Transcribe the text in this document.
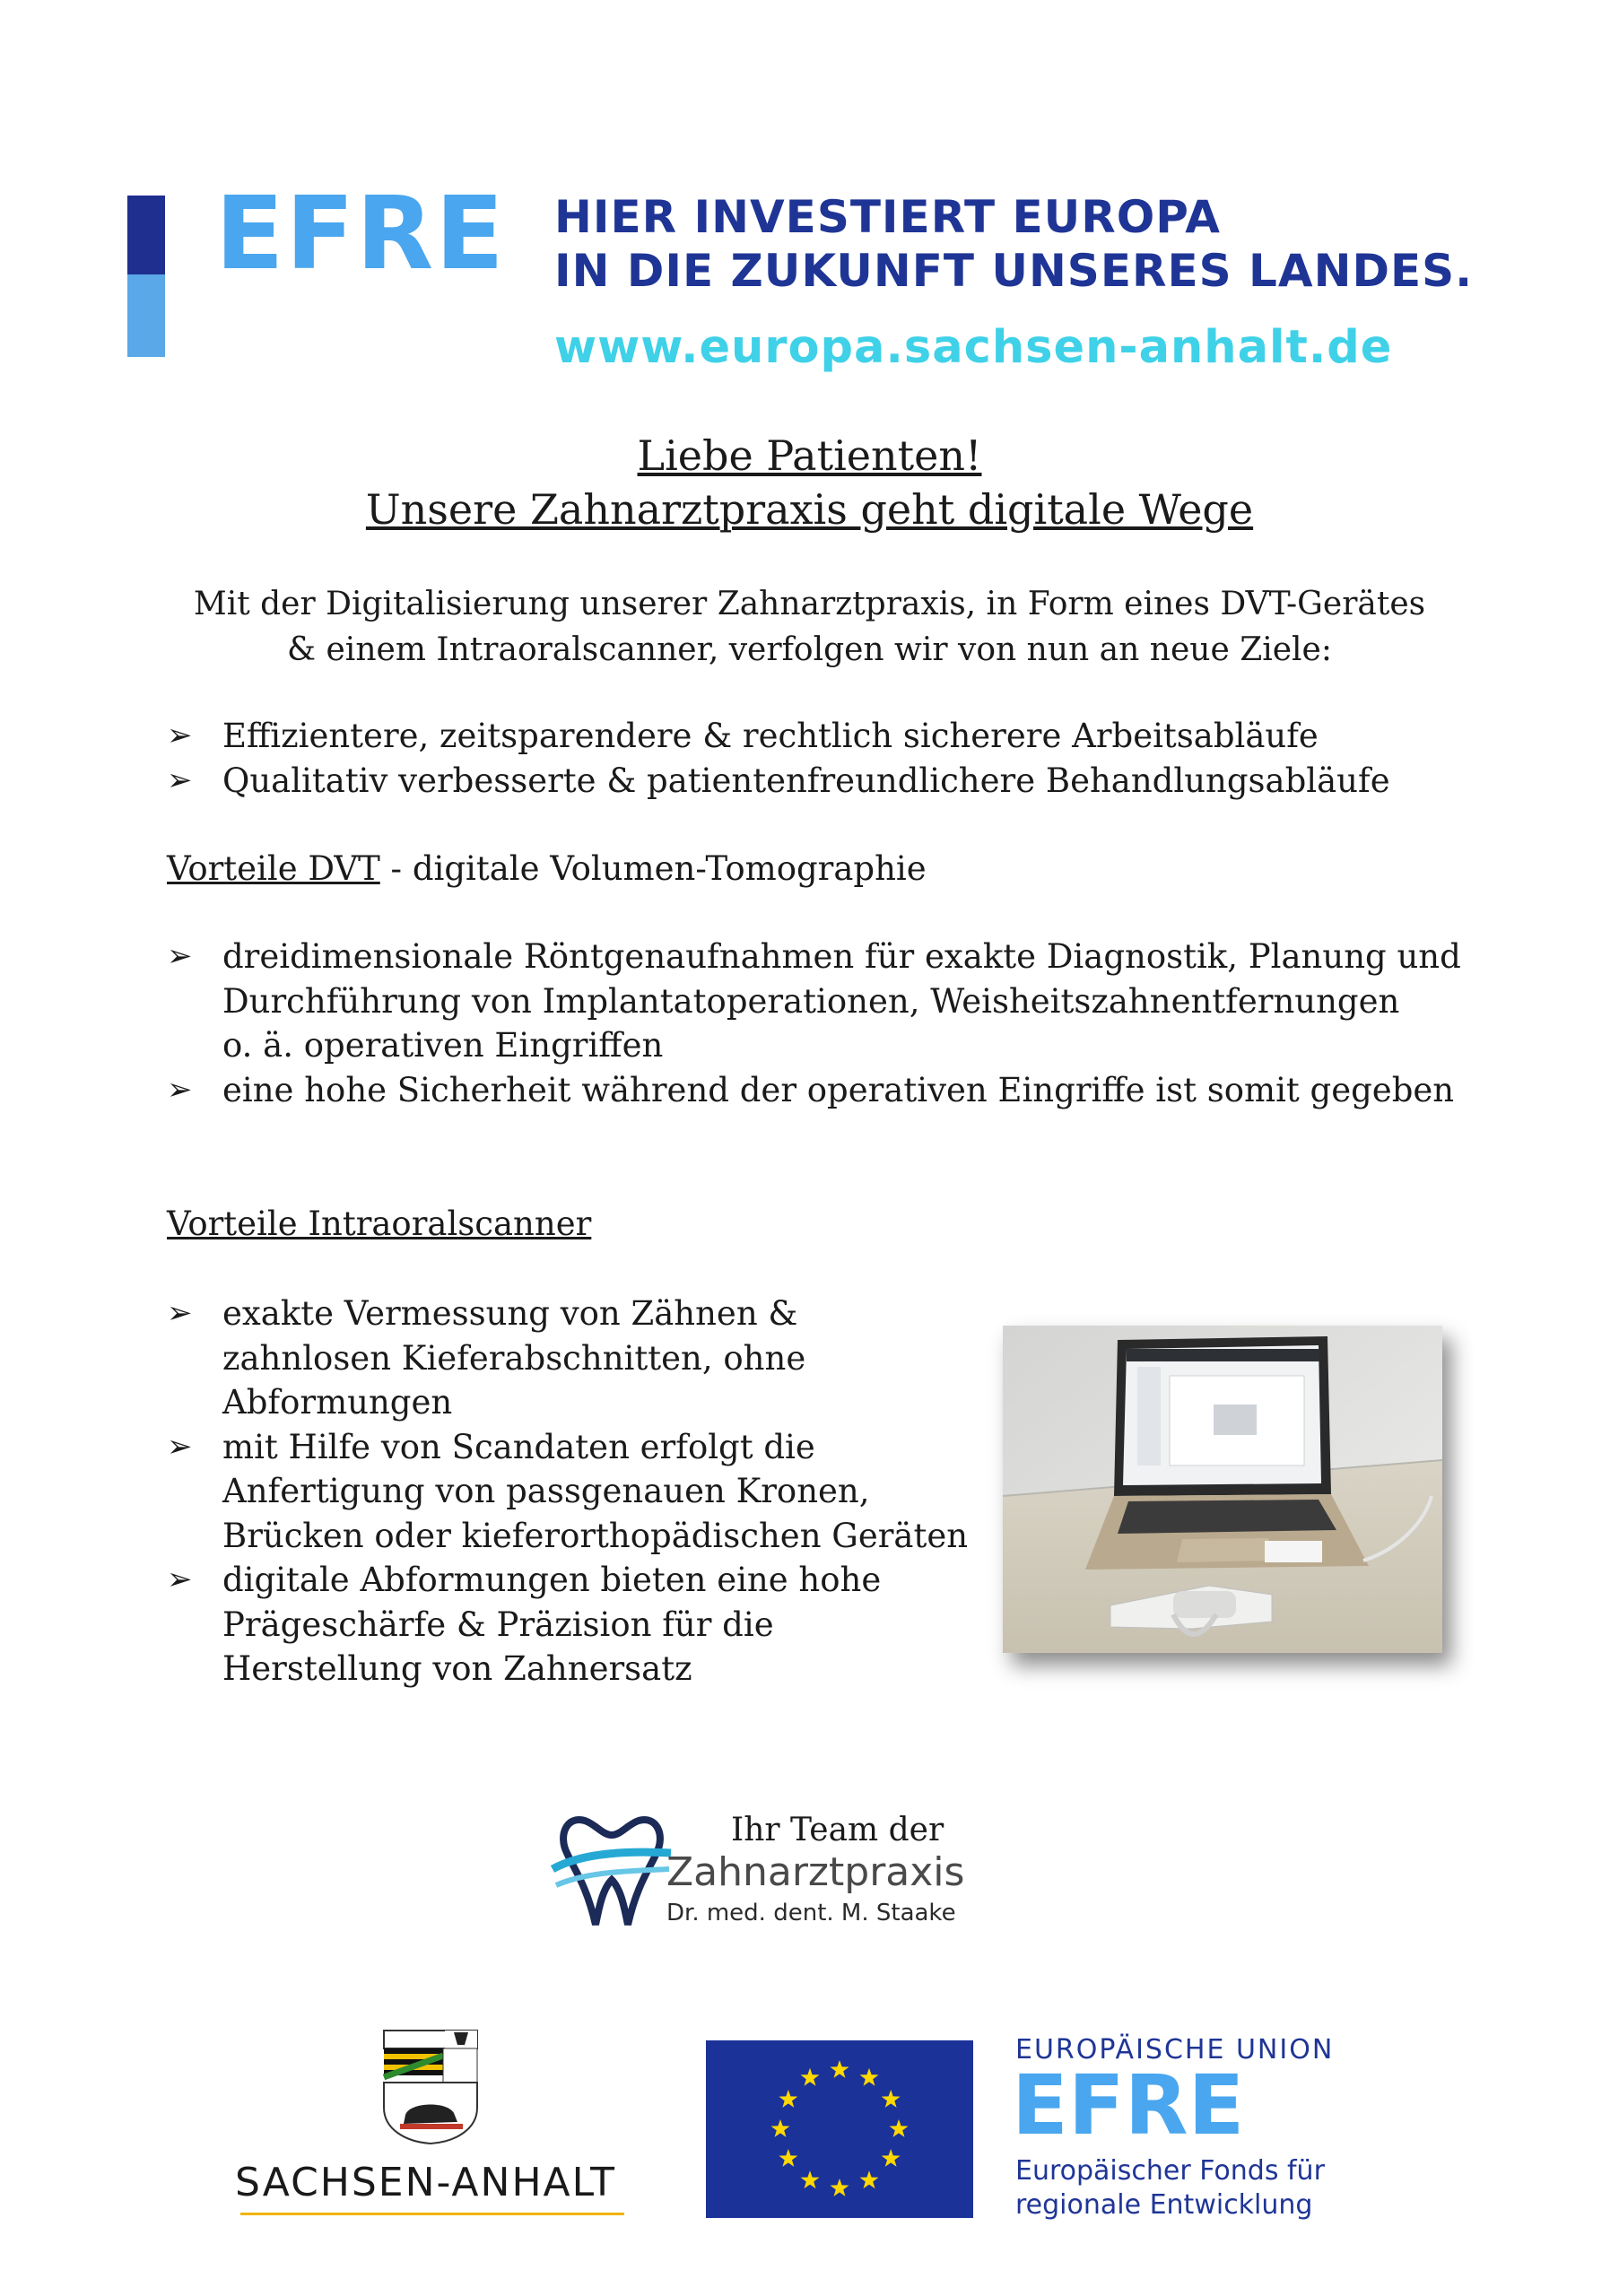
EFRE HIER INVESTIERT EUROPA
IN DIE ZUKUNFT UNSERES LANDES.
www.europa.sachsen-anhalt.de
Liebe Patienten!
Unsere Zahnarztpraxis geht digitale Wege
Mit der Digitalisierung unserer Zahnarztpraxis, in Form eines DVT-Gerätes
& einem Intraoralscanner, verfolgen wir von nun an neue Ziele:
➢ Effizientere, zeitsparendere & rechtlich sicherere Arbeitsabläufe
➢ Qualitativ verbesserte & patientenfreundlichere Behandlungsabläufe
Vorteile DVT - digitale Volumen-Tomographie
➢ dreidimensionale Röntgenaufnahmen für exakte Diagnostik, Planung und
Durchführung von Implantatoperationen, Weisheitszahnentfernungen
o. ä. operativen Eingriffen
➢ eine hohe Sicherheit während der operativen Eingriffe ist somit gegeben
Vorteile Intraoralscanner
➢ exakte Vermessung von Zähnen &
zahnlosen Kieferabschnitten, ohne
Abformungen
➢ mit Hilfe von Scandaten erfolgt die
Anfertigung von passgenauen Kronen,
Brücken oder kieferorthopädischen Geräten
➢ digitale Abformungen bieten eine hohe
Prägeschärfe & Präzision für die
Herstellung von Zahnersatz
Ihr Team der
Zahnarztpraxis
Dr. med. dent. M. Staake
SACHSEN-ANHALT
EUROPÄISCHE UNION
EFRE
Europäischer Fonds für
regionale Entwicklung
